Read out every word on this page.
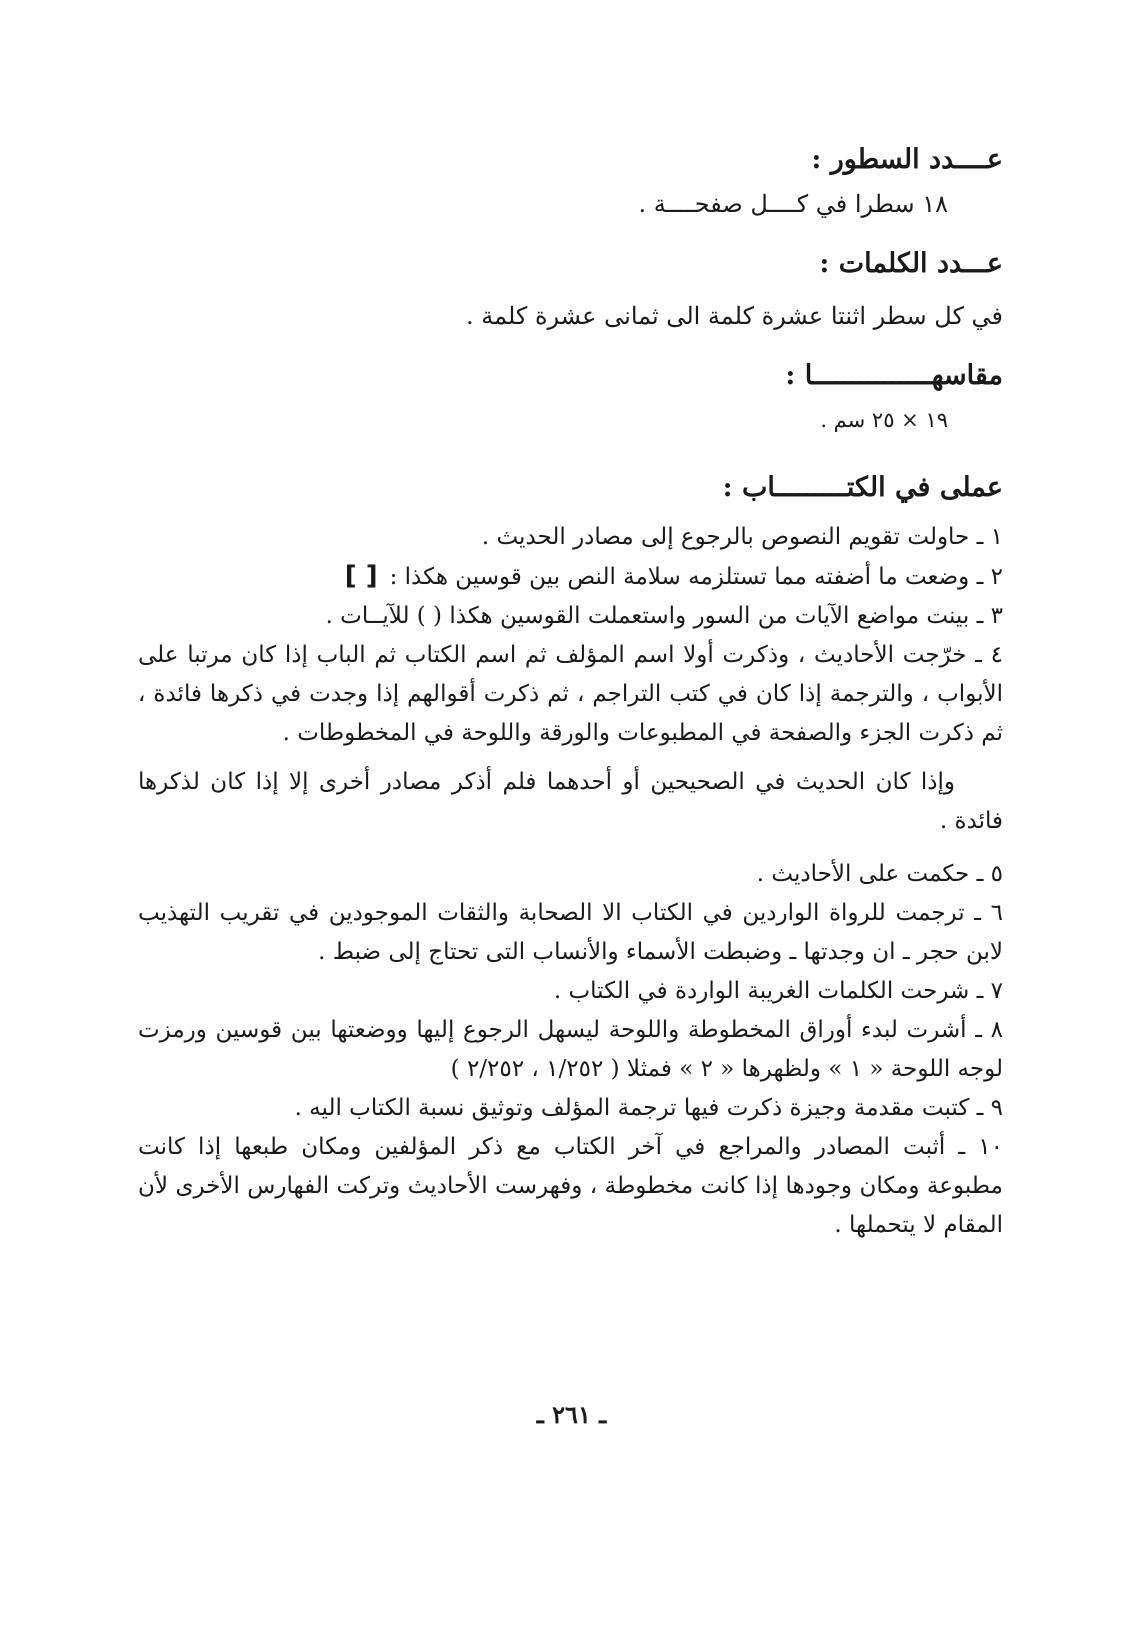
عــــدد السطور :

١٨ سطرا في كــــل صفحــــة .

عـــدد الكلمات :

في كل سطر اثنتا عشرة كلمة الى ثمانى عشرة كلمة .

مقاسهـــــــــــــــا :

١٩ × ٢٥ سم .

عملى في الكتـــــــــاب :
١ ـ حاولت تقويم النصوص بالرجوع إلى مصادر الحديث .
٢ ـ وضعت ما أضفته مما تستلزمه سلامة النص بين قوسين هكذا :[ ]
٣ ـ بينت مواضع الآيات من السور واستعملت القوسين هكذا ( ) للآيــات .
٤ ـ خرّجت الأحاديث ، وذكرت أولا اسم المؤلف ثم اسم الكتاب ثم الباب إذا كان مرتبا على الأبواب ، والترجمة إذا كان في كتب التراجم ، ثم ذكرت أقوالهم إذا وجدت في ذكرها فائدة ، ثم ذكرت الجزء والصفحة في المطبوعات والورقة واللوحة في المخطوطات .

وإذا كان الحديث في الصحيحين أو أحدهما فلم أذكر مصادر أخرى إلا إذا كان لذكرها فائدة .

٥ ـ حكمت على الأحاديث .
٦ ـ ترجمت للرواة الواردين في الكتاب الا الصحابة والثقات الموجودين في تقريب التهذيب لابن حجر ـ ان وجدتها ـ وضبطت الأسماء والأنساب التى تحتاج إلى ضبط .
٧ ـ شرحت الكلمات الغريبة الواردة في الكتاب .
٨ ـ أشرت لبدء أوراق المخطوطة واللوحة ليسهل الرجوع إليها ووضعتها بين قوسين ورمزت لوجه اللوحة « ١ » ولظهرها « ٢ » فمثلا ( ١/٢٥٢ ، ٢/٢٥٢ )
٩ ـ كتبت مقدمة وجيزة ذكرت فيها ترجمة المؤلف وتوثيق نسبة الكتاب اليه .
١٠ ـ أثبت المصادر والمراجع في آخر الكتاب مع ذكر المؤلفين ومكان طبعها إذا كانت مطبوعة ومكان وجودها إذا كانت مخطوطة ، وفهرست الأحاديث وتركت الفهارس الأخرى لأن المقام لا يتحملها .
ـ ٢٦١ ـ
